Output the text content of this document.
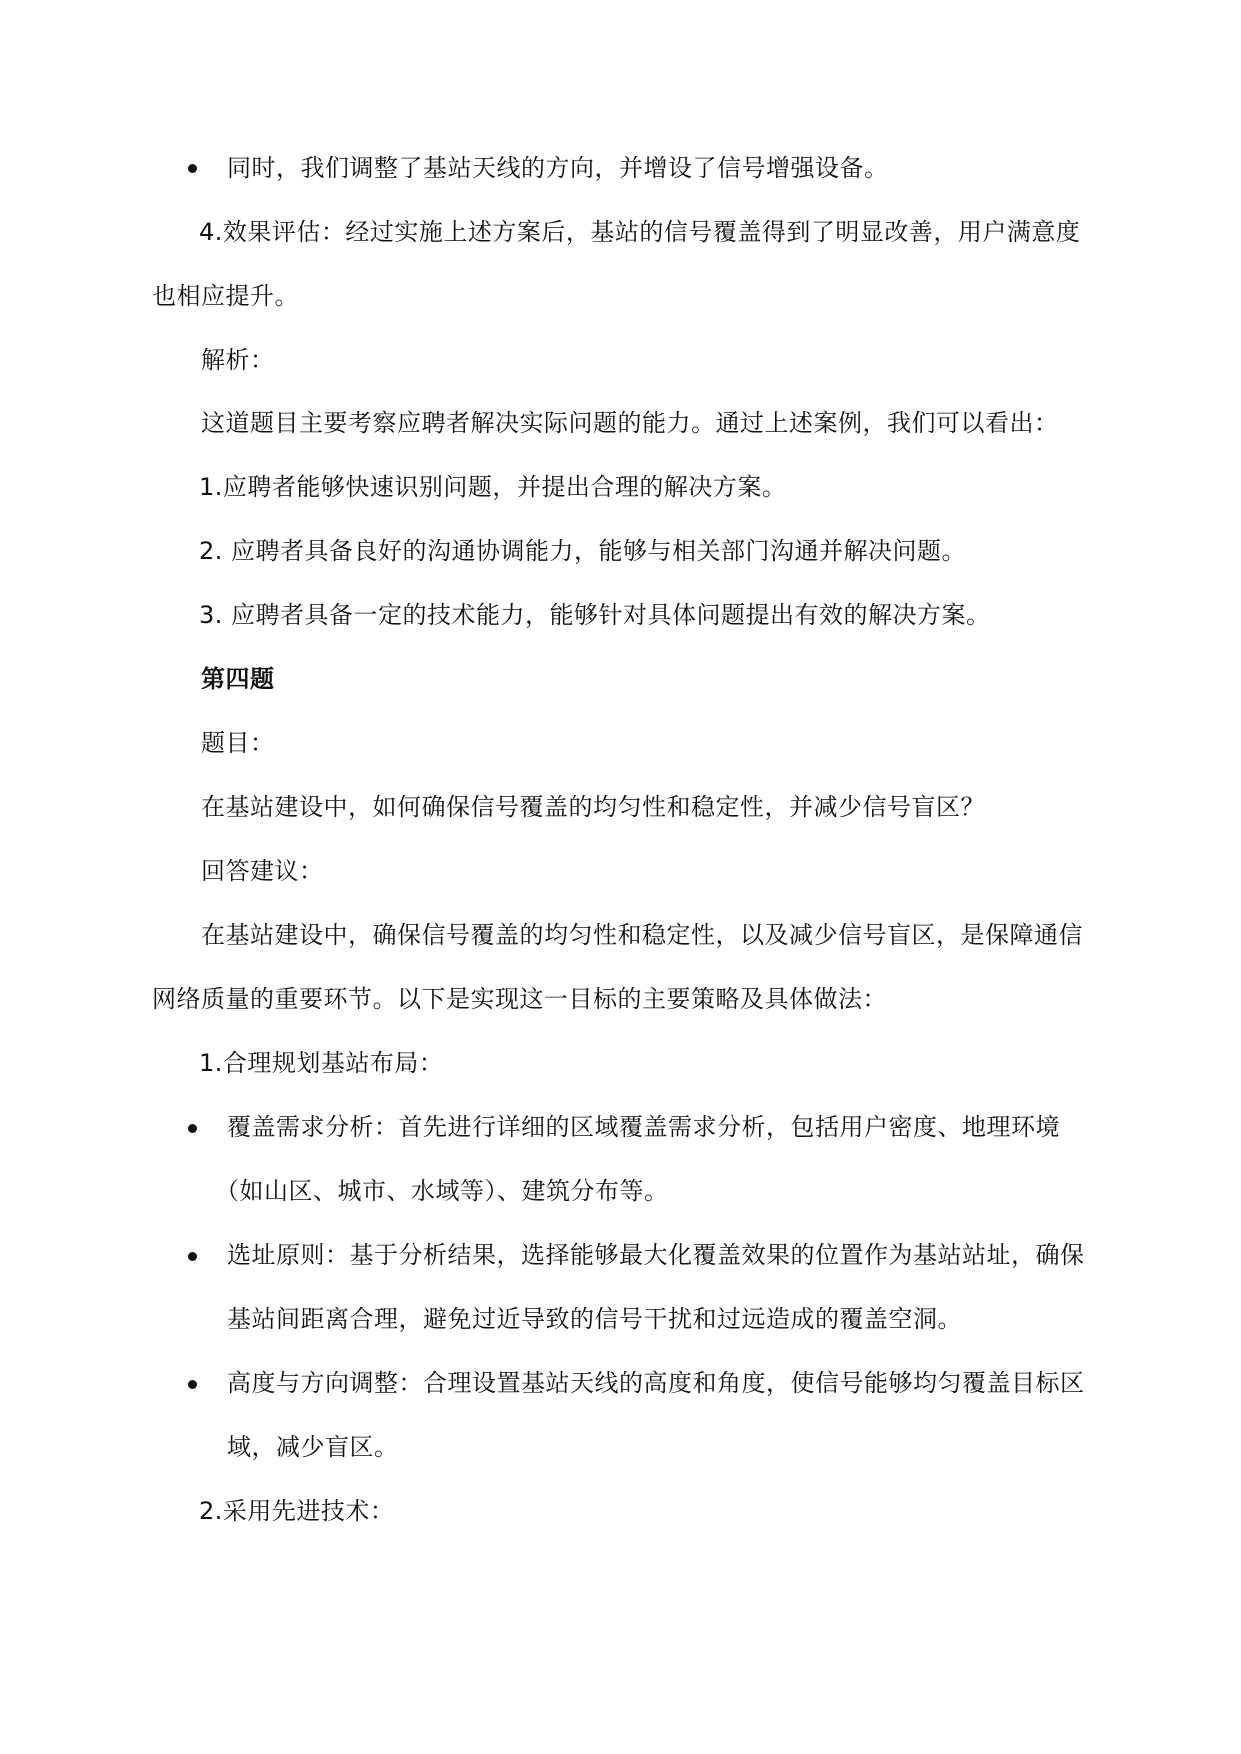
同时，我们调整了基站天线的方向，并增设了信号增强设备。
4.效果评估：经过实施上述方案后，基站的信号覆盖得到了明显改善，用户满意度
也相应提升。
解析：
这道题目主要考察应聘者解决实际问题的能力。通过上述案例，我们可以看出：
1.应聘者能够快速识别问题，并提出合理的解决方案。
2. 应聘者具备良好的沟通协调能力，能够与相关部门沟通并解决问题。
3. 应聘者具备一定的技术能力，能够针对具体问题提出有效的解决方案。
第四题
题目：
在基站建设中，如何确保信号覆盖的均匀性和稳定性，并减少信号盲区？
回答建议：
在基站建设中，确保信号覆盖的均匀性和稳定性，以及减少信号盲区，是保障通信
网络质量的重要环节。以下是实现这一目标的主要策略及具体做法：
1.合理规划基站布局：
覆盖需求分析：首先进行详细的区域覆盖需求分析，包括用户密度、地理环境
（如山区、城市、水域等）、建筑分布等。
选址原则：基于分析结果，选择能够最大化覆盖效果的位置作为基站站址，确保
基站间距离合理，避免过近导致的信号干扰和过远造成的覆盖空洞。
高度与方向调整：合理设置基站天线的高度和角度，使信号能够均匀覆盖目标区
域，减少盲区。
2.采用先进技术：
